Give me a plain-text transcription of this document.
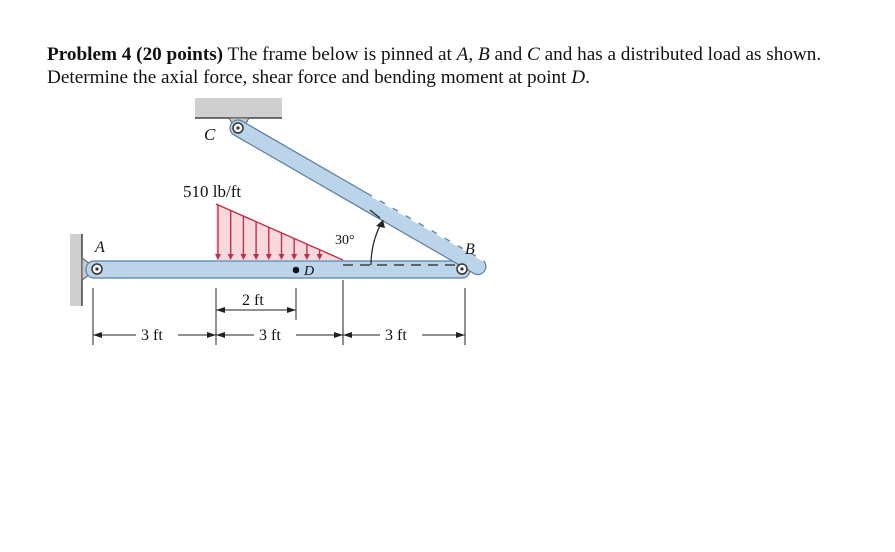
Problem 4 (20 points) The frame below is pinned at A, B and C and has a distributed load as shown.
Determine the axial force, shear force and bending moment at point D.
C
A	B
D
510 lb/ft
30°
2 ft
3 ft	3 ft	3 ft
